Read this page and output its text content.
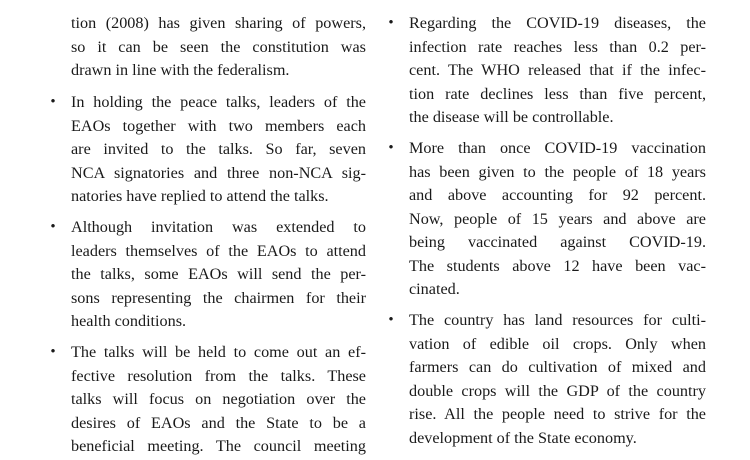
tion (2008) has given sharing of powers,
so it can be seen the constitution was
drawn in line with the federalism.
• In holding the peace talks, leaders of the
EAOs together with two members each
are invited to the talks. So far, seven
NCA signatories and three non-NCA sig-
natories have replied to attend the talks.
• Although invitation was extended to
leaders themselves of the EAOs to attend
the talks, some EAOs will send the per-
sons representing the chairmen for their
health conditions.
• The talks will be held to come out an ef-
fective resolution from the talks. These
talks will focus on negotiation over the
desires of EAOs and the State to be a
beneficial meeting. The council meeting
• Regarding the COVID-19 diseases, the
infection rate reaches less than 0.2 per-
cent. The WHO released that if the infec-
tion rate declines less than five percent,
the disease will be controllable.
• More than once COVID-19 vaccination
has been given to the people of 18 years
and above accounting for 92 percent.
Now, people of 15 years and above are
being vaccinated against COVID-19.
The students above 12 have been vac-
cinated.
• The country has land resources for culti-
vation of edible oil crops. Only when
farmers can do cultivation of mixed and
double crops will the GDP of the country
rise. All the people need to strive for the
development of the State economy.
